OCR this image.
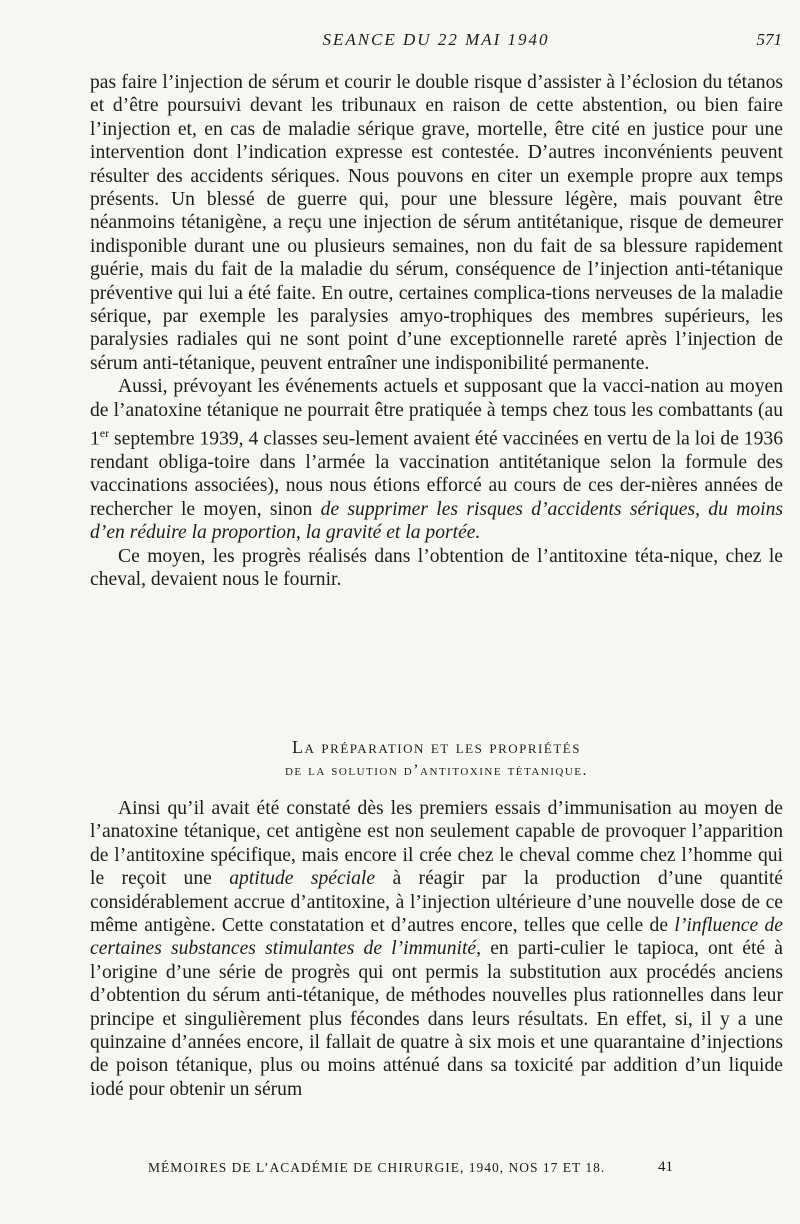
SEANCE DU 22 MAI 1940	571

pas faire l’injection de sérum et courir le double risque d’assister à l’éclosion du tétanos et d’être poursuivi devant les tribunaux en raison de cette abstention, ou bien faire l’injection et, en cas de maladie sérique grave, mortelle, être cité en justice pour une intervention dont l’indication expresse est contestée. D’autres inconvénients peuvent résulter des accidents sériques. Nous pouvons en citer un exemple propre aux temps présents. Un blessé de guerre qui, pour une blessure légère, mais pouvant être néanmoins tétanigène, a reçu une injection de sérum antitétanique, risque de demeurer indisponible durant une ou plusieurs semaines, non du fait de sa blessure rapidement guérie, mais du fait de la maladie du sérum, conséquence de l’injection anti-tétanique préventive qui lui a été faite. En outre, certaines complica-tions nerveuses de la maladie sérique, par exemple les paralysies amyo-trophiques des membres supérieurs, les paralysies radiales qui ne sont point d’une exceptionnelle rareté après l’injection de sérum anti-tétanique, peuvent entraîner une indisponibilité permanente.

Aussi, prévoyant les événements actuels et supposant que la vacci-nation au moyen de l’anatoxine tétanique ne pourrait être pratiquée à temps chez tous les combattants (au 1er septembre 1939, 4 classes seu-lement avaient été vaccinées en vertu de la loi de 1936 rendant obliga-toire dans l’armée la vaccination antitétanique selon la formule des vaccinations associées), nous nous étions efforcé au cours de ces der-nières années de rechercher le moyen, sinon de supprimer les risques d’accidents sériques, du moins d’en réduire la proportion, la gravité et la portée.

Ce moyen, les progrès réalisés dans l’obtention de l’antitoxine téta-nique, chez le cheval, devaient nous le fournir.

La préparation et les propriétés
de la solution d’antitoxine tétanique.

Ainsi qu’il avait été constaté dès les premiers essais d’immunisation au moyen de l’anatoxine tétanique, cet antigène est non seulement capable de provoquer l’apparition de l’antitoxine spécifique, mais encore il crée chez le cheval comme chez l’homme qui le reçoit une aptitude spéciale à réagir par la production d’une quantité considérablement accrue d’antitoxine, à l’injection ultérieure d’une nouvelle dose de ce même antigène. Cette constatation et d’autres encore, telles que celle de l’influence de certaines substances stimulantes de l’immunité, en parti-culier le tapioca, ont été à l’origine d’une série de progrès qui ont permis la substitution aux procédés anciens d’obtention du sérum anti-tétanique, de méthodes nouvelles plus rationnelles dans leur principe et singulièrement plus fécondes dans leurs résultats. En effet, si, il y a une quinzaine d’années encore, il fallait de quatre à six mois et une quarantaine d’injections de poison tétanique, plus ou moins atténué dans sa toxicité par addition d’un liquide iodé pour obtenir un sérum

MÉMOIRES DE L’ACADÉMIE DE CHIRURGIE, 1940, NOS 17 ET 18.	41
